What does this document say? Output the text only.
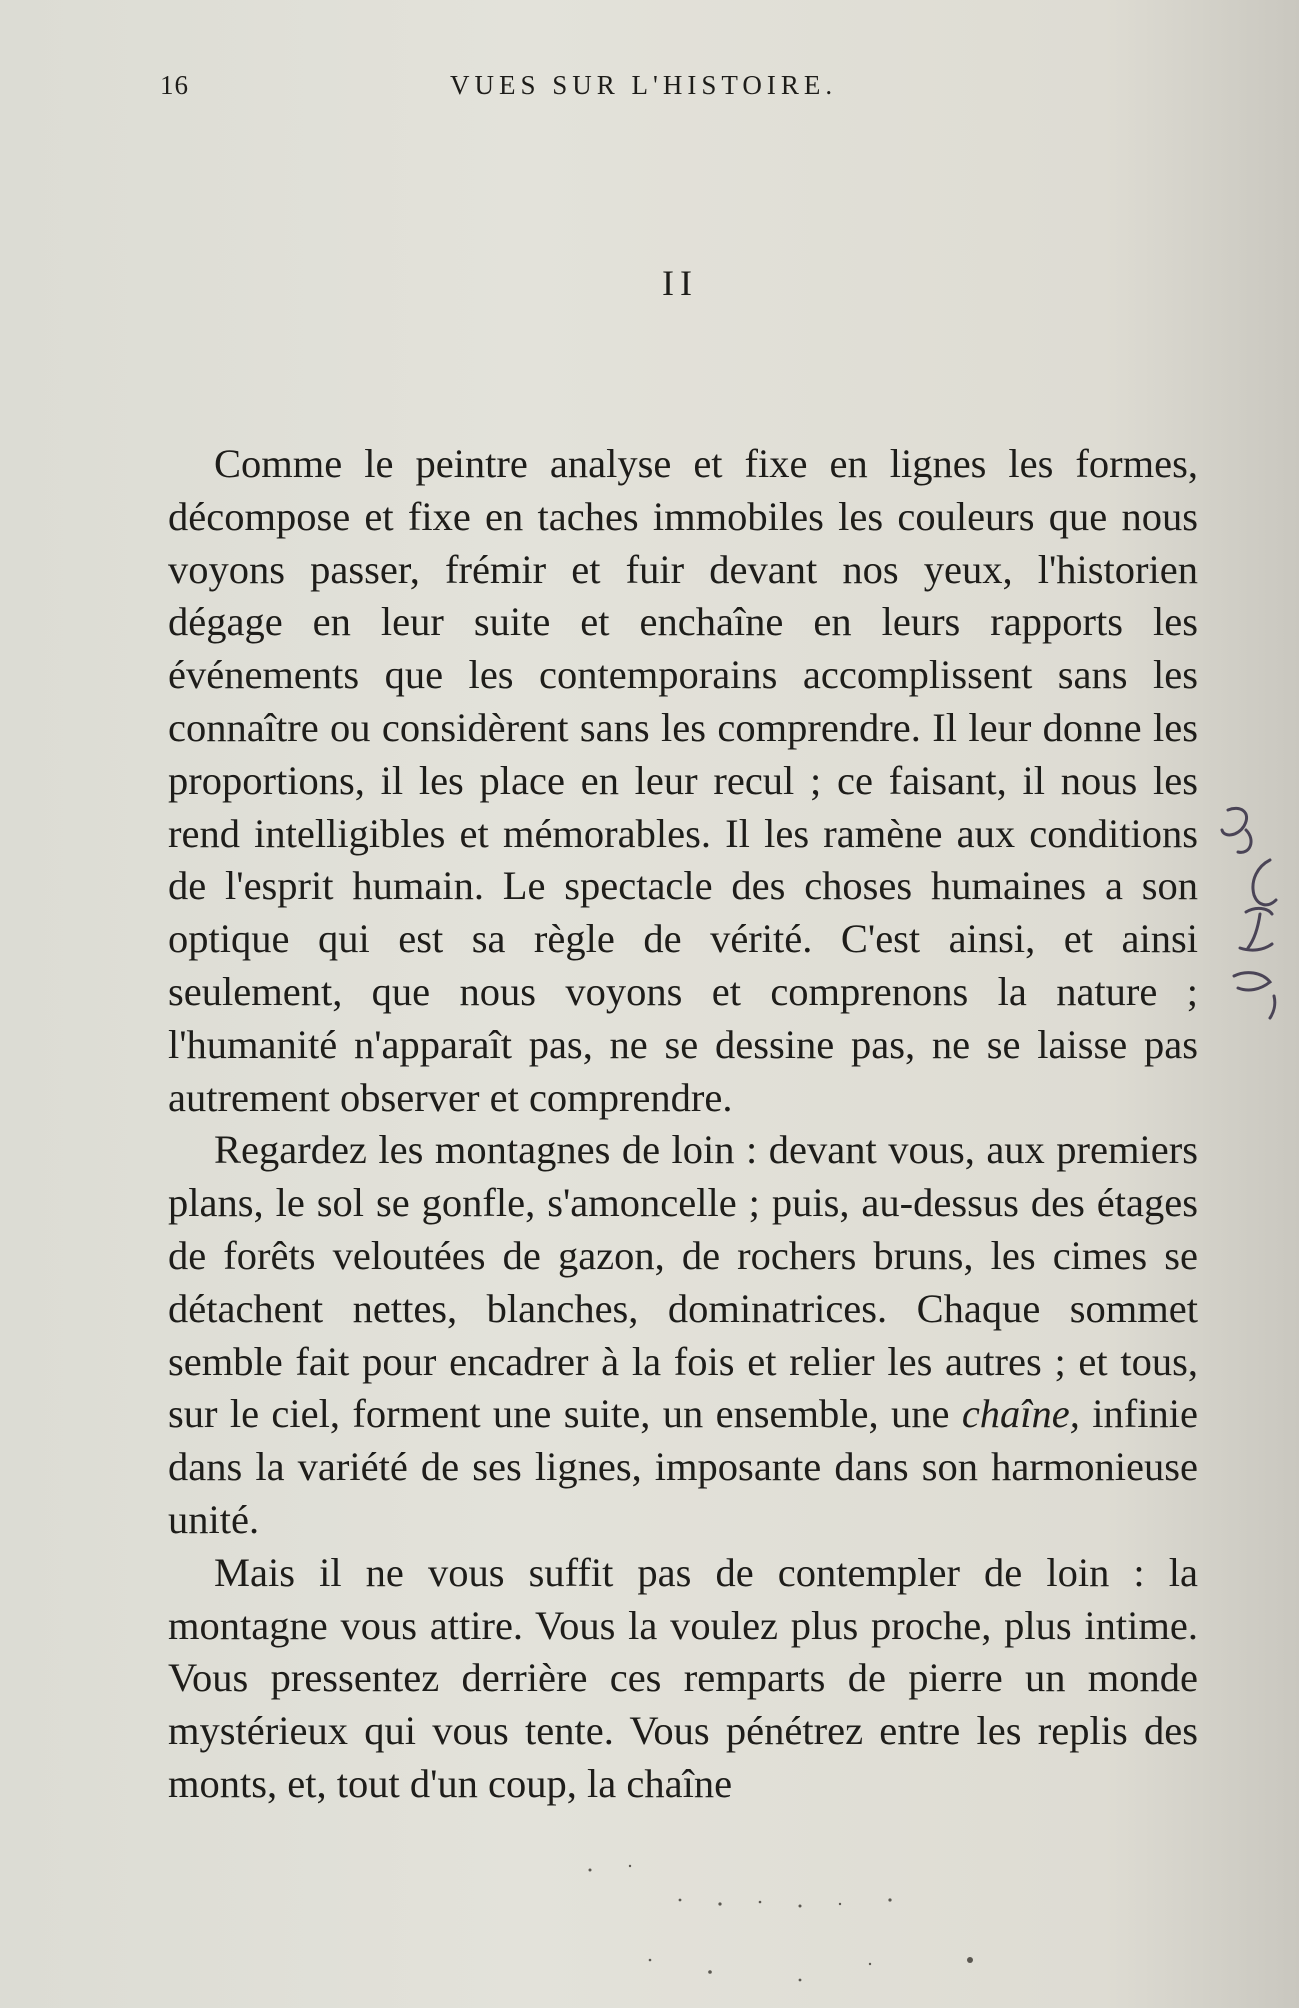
16	VUES SUR L'HISTOIRE.
II

Comme le peintre analyse et fixe en lignes les formes, décompose et fixe en taches immobiles les couleurs que nous voyons passer, frémir et fuir devant nos yeux, l'historien dégage en leur suite et enchaîne en leurs rapports les événements que les contemporains accomplissent sans les connaître ou considèrent sans les comprendre. Il leur donne les proportions, il les place en leur recul ; ce faisant, il nous les rend intelligibles et mémorables. Il les ramène aux conditions de l'esprit humain. Le spectacle des choses humaines a son optique qui est sa règle de vérité. C'est ainsi, et ainsi seulement, que nous voyons et comprenons la nature ; l'humanité n'apparaît pas, ne se dessine pas, ne se laisse pas autrement observer et comprendre.

Regardez les montagnes de loin : devant vous, aux premiers plans, le sol se gonfle, s'amoncelle ; puis, au-dessus des étages de forêts veloutées de gazon, de rochers bruns, les cimes se détachent nettes, blanches, dominatrices. Chaque sommet semble fait pour encadrer à la fois et relier les autres ; et tous, sur le ciel, forment une suite, un ensemble, une chaîne, infinie dans la variété de ses lignes, imposante dans son harmonieuse unité.

Mais il ne vous suffit pas de contempler de loin : la montagne vous attire. Vous la voulez plus proche, plus intime. Vous pressentez derrière ces remparts de pierre un monde mystérieux qui vous tente. Vous pénétrez entre les replis des monts, et, tout d'un coup, la chaîne
